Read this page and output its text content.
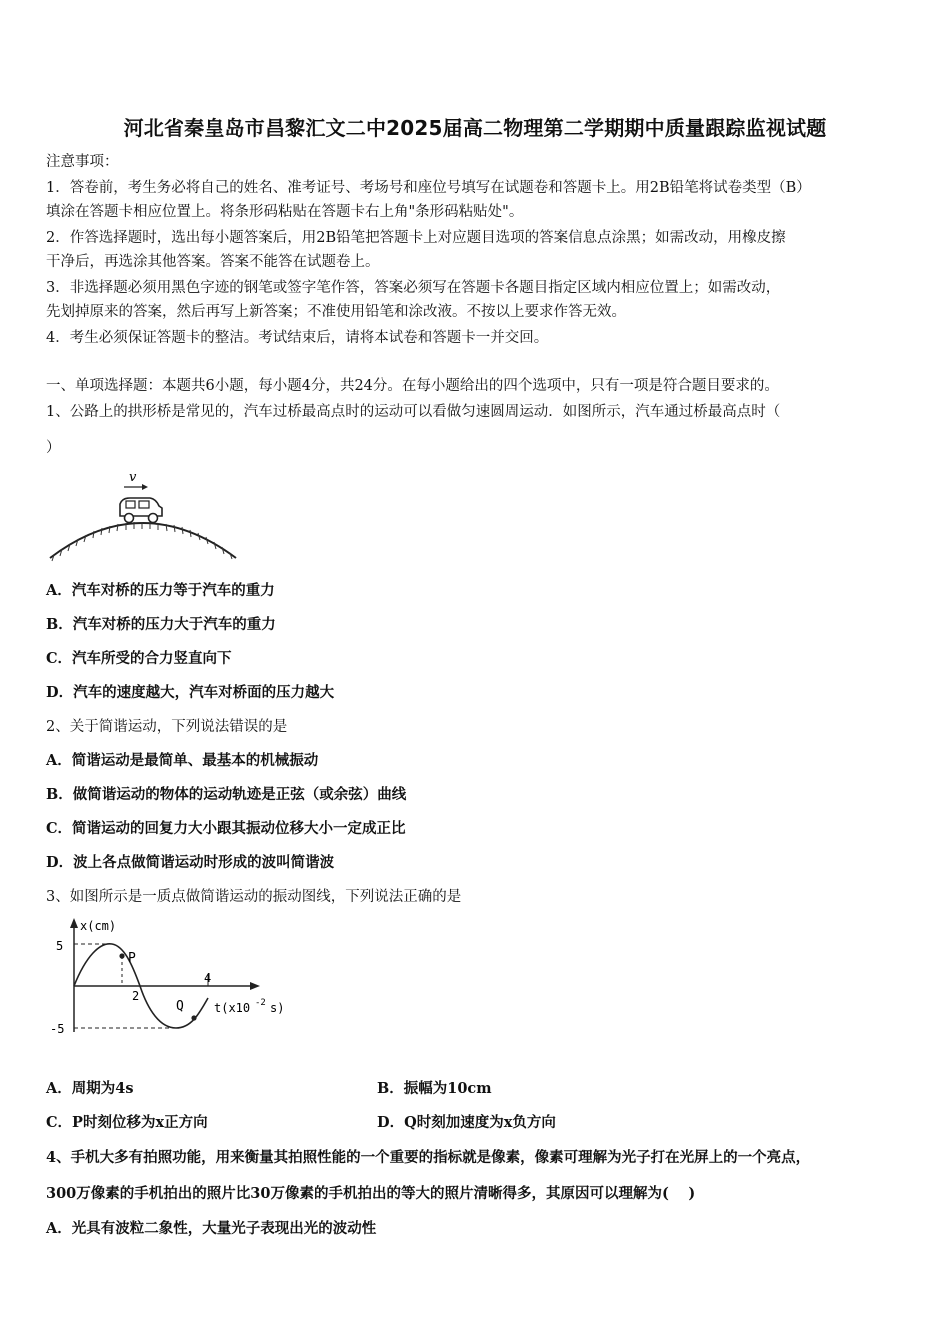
河北省秦皇岛市昌黎汇文二中2025届高二物理第二学期期中质量跟踪监视试题
注意事项：
1．答卷前，考生务必将自己的姓名、准考证号、考场号和座位号填写在试题卷和答题卡上。用2B铅笔将试卷类型（B）
填涂在答题卡相应位置上。将条形码粘贴在答题卡右上角"条形码粘贴处"。
2．作答选择题时，选出每小题答案后，用2B铅笔把答题卡上对应题目选项的答案信息点涂黑；如需改动，用橡皮擦
干净后，再选涂其他答案。答案不能答在试题卷上。
3．非选择题必须用黑色字迹的钢笔或签字笔作答，答案必须写在答题卡各题目指定区域内相应位置上；如需改动，
先划掉原来的答案，然后再写上新答案；不准使用铅笔和涂改液。不按以上要求作答无效。
4．考生必须保证答题卡的整洁。考试结束后，请将本试卷和答题卡一并交回。
一、单项选择题：本题共6小题，每小题4分，共24分。在每小题给出的四个选项中，只有一项是符合题目要求的。
1、公路上的拱形桥是常见的，汽车过桥最高点时的运动可以看做匀速圆周运动．如图所示，汽车通过桥最高点时（
）
v
A．汽车对桥的压力等于汽车的重力
B．汽车对桥的压力大于汽车的重力
C．汽车所受的合力竖直向下
D．汽车的速度越大，汽车对桥面的压力越大
2、关于简谐运动，下列说法错误的是
A．简谐运动是最简单、最基本的机械振动
B．做简谐运动的物体的运动轨迹是正弦（或余弦）曲线
C．简谐运动的回复力大小跟其振动位移大小一定成正比
D．波上各点做简谐运动时形成的波叫简谐波
3、如图所示是一质点做简谐运动的振动图线，下列说法正确的是
x(cm)
5
-5
2
4
P
Q	t(x10 -2 s)
A．周期为4s	B．振幅为10cm
C．P时刻位移为x正方向	D．Q时刻加速度为x负方向
4、手机大多有拍照功能，用来衡量其拍照性能的一个重要的指标就是像素，像素可理解为光子打在光屏上的一个亮点，
300万像素的手机拍出的照片比30万像素的手机拍出的等大的照片清晰得多，其原因可以理解为(　 )
A．光具有波粒二象性，大量光子表现出光的波动性
